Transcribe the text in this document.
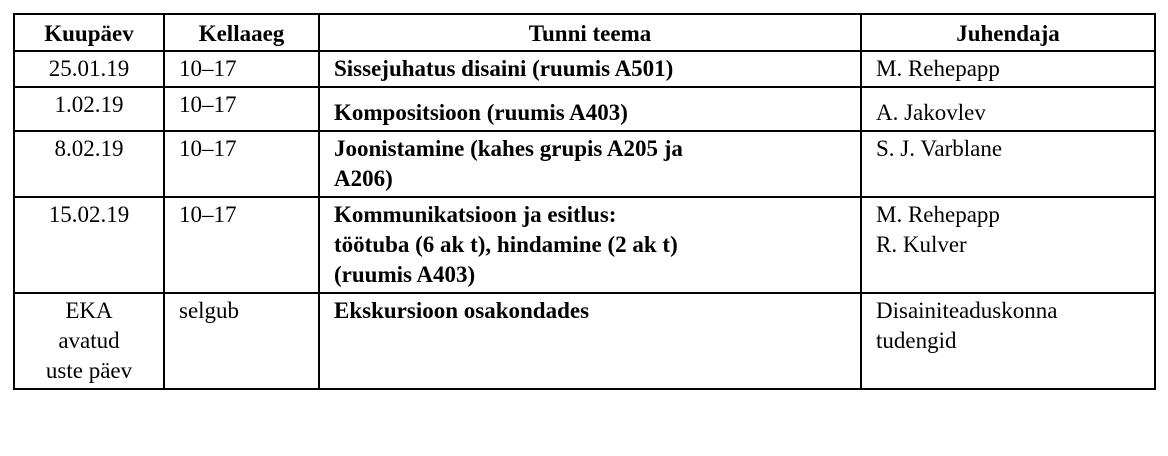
Kuupäev	Kellaaeg	Tunni teema	Juhendaja

25.01.19	10–17	Sissejuhatus disaini (ruumis A501)	M. Rehepapp

1.02.19	10–17	Kompositsioon (ruumis A403)	A. Jakovlev

8.02.19	10–17	Joonistamine (kahes grupis A205 ja
A206)	S. J. Varblane

15.02.19	10–17	Kommunikatsioon ja esitlus:
töötuba (6 ak t), hindamine (2 ak t)
(ruumis A403)	M. Rehepapp
R. Kulver

EKA
avatud
uste päev	selgub	Ekskursioon osakondades	Disainiteaduskonna
tudengid
